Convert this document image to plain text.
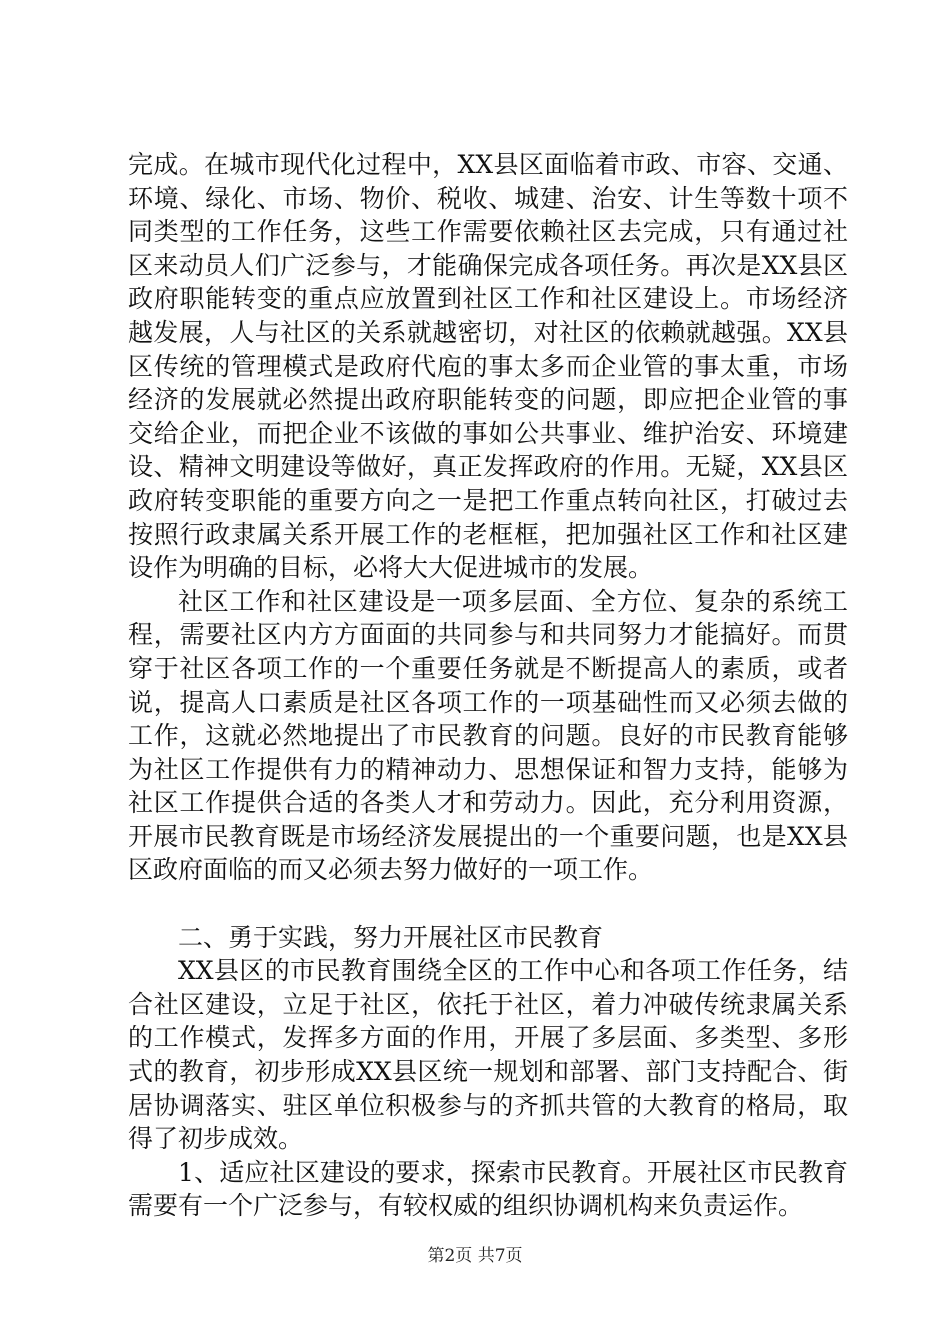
完成。在城市现代化过程中，XX县区面临着市政、市容、交通、环境、绿化、市场、物价、税收、城建、治安、计生等数十项不同类型的工作任务，这些工作需要依赖社区去完成，只有通过社区来动员人们广泛参与，才能确保完成各项任务。再次是XX县区政府职能转变的重点应放置到社区工作和社区建设上。市场经济越发展，人与社区的关系就越密切，对社区的依赖就越强。XX县区传统的管理模式是政府代庖的事太多而企业管的事太重，市场经济的发展就必然提出政府职能转变的问题，即应把企业管的事交给企业，而把企业不该做的事如公共事业、维护治安、环境建设、精神文明建设等做好，真正发挥政府的作用。无疑，XX县区政府转变职能的重要方向之一是把工作重点转向社区，打破过去按照行政隶属关系开展工作的老框框，把加强社区工作和社区建设作为明确的目标，必将大大促进城市的发展。

社区工作和社区建设是一项多层面、全方位、复杂的系统工程，需要社区内方方面面的共同参与和共同努力才能搞好。而贯穿于社区各项工作的一个重要任务就是不断提高人的素质，或者说，提高人口素质是社区各项工作的一项基础性而又必须去做的工作，这就必然地提出了市民教育的问题。良好的市民教育能够为社区工作提供有力的精神动力、思想保证和智力支持，能够为社区工作提供合适的各类人才和劳动力。因此，充分利用资源，开展市民教育既是市场经济发展提出的一个重要问题，也是XX县区政府面临的而又必须去努力做好的一项工作。

二、勇于实践，努力开展社区市民教育

XX县区的市民教育围绕全区的工作中心和各项工作任务，结合社区建设，立足于社区，依托于社区，着力冲破传统隶属关系的工作模式，发挥多方面的作用，开展了多层面、多类型、多形式的教育，初步形成XX县区统一规划和部署、部门支持配合、街居协调落实、驻区单位积极参与的齐抓共管的大教育的格局，取得了初步成效。

1、适应社区建设的要求，探索市民教育。开展社区市民教育需要有一个广泛参与，有较权威的组织协调机构来负责运作。

第2页 共7页
